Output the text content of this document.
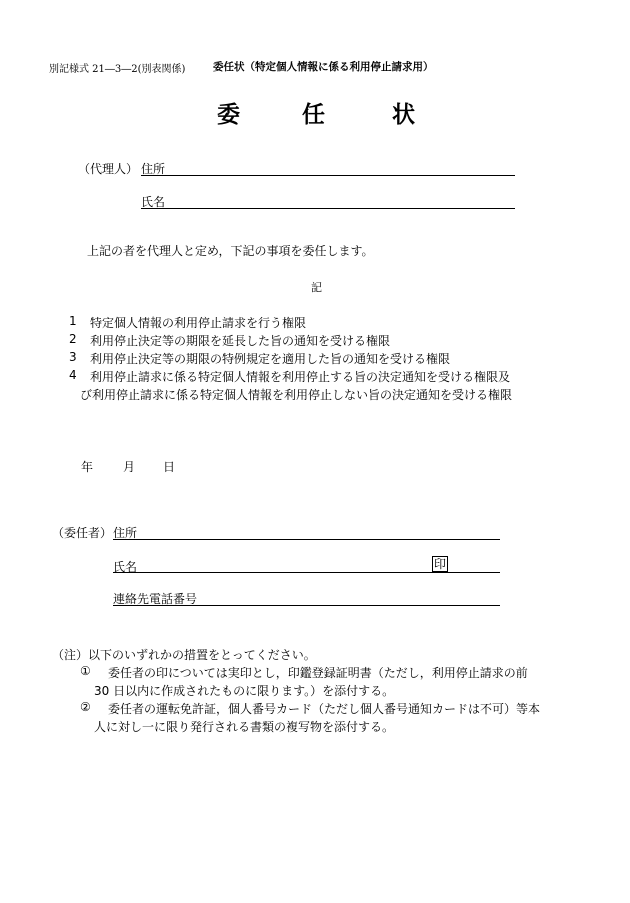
別記様式 21―3―2(別表関係)	委任状（特定個人情報に係る利用停止請求用）
委	任	状
（代理人） 住所
氏名
上記の者を代理人と定め，下記の事項を委任します。
記
1 特定個人情報の利用停止請求を行う権限
2 利用停止決定等の期限を延長した旨の通知を受ける権限
3 利用停止決定等の期限の特例規定を適用した旨の通知を受ける権限
4 利用停止請求に係る特定個人情報を利用停止する旨の決定通知を受ける権限及
び利用停止請求に係る特定個人情報を利用停止しない旨の決定通知を受ける権限
年 月 日
（委任者） 住所
氏名	印
連絡先電話番号
（注）以下のいずれかの措置をとってください。
① 委任者の印については実印とし，印鑑登録証明書（ただし，利用停止請求の前
30 日以内に作成されたものに限ります。）を添付する。
② 委任者の運転免許証，個人番号カード（ただし個人番号通知カードは不可）等本
人に対し一に限り発行される書類の複写物を添付する。
